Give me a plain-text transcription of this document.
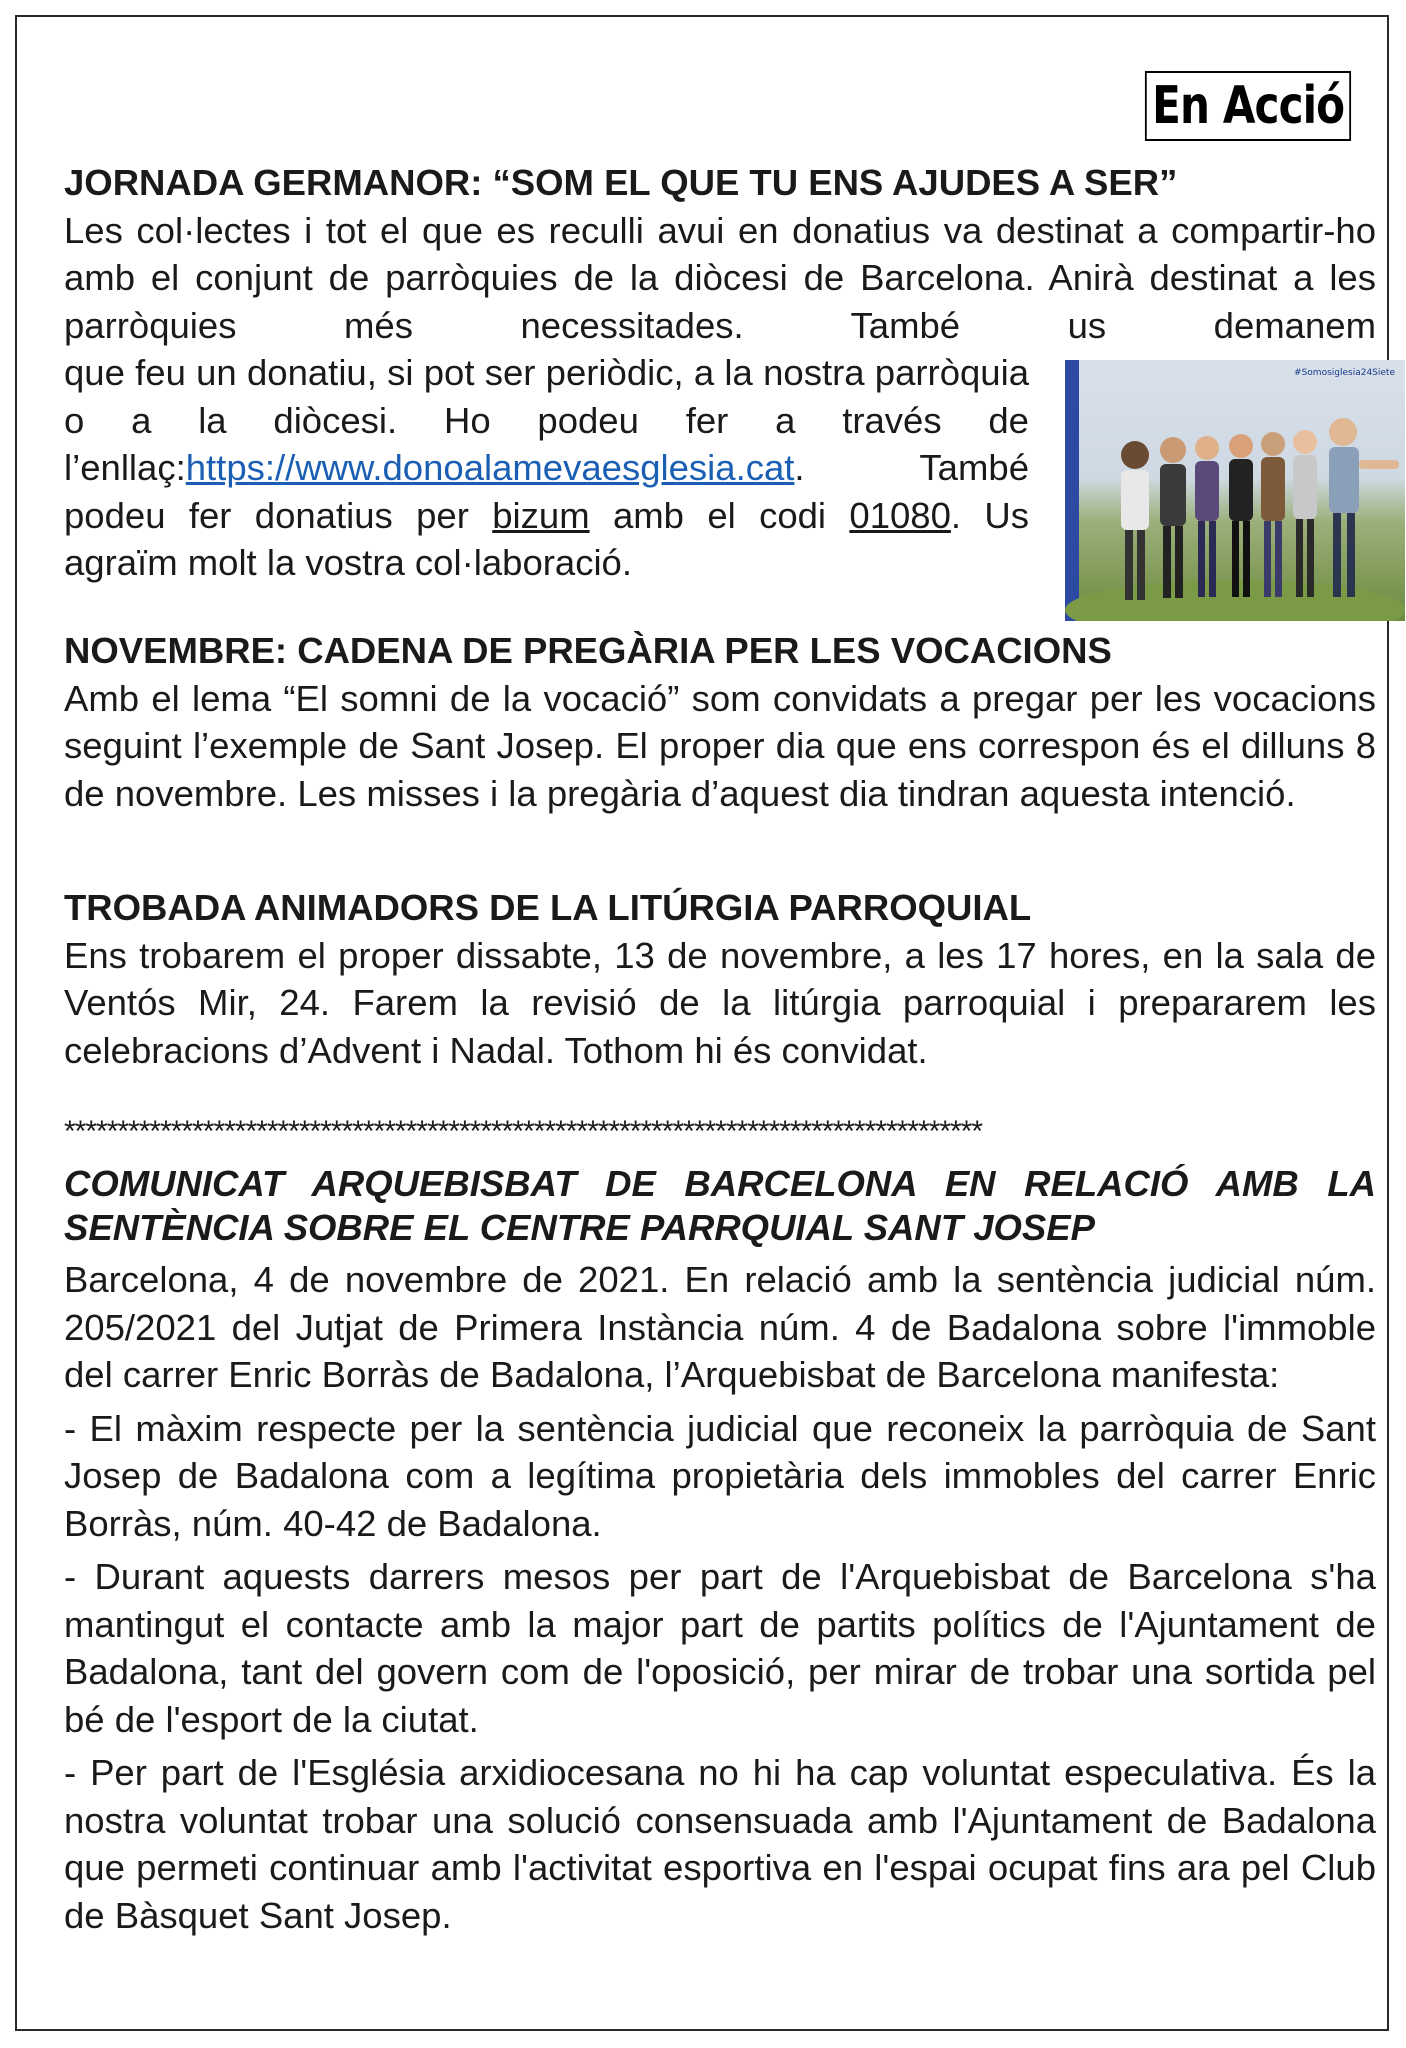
En Acció
JORNADA GERMANOR: “SOM EL QUE TU ENS AJUDES A SER”

Les col·lectes i tot el que es reculli avui en donatius va destinat a compartir-ho amb el conjunt de parròquies de la diòcesi de Barcelona. Anirà destinat a les parròquies més necessitades. També us demanem

que feu un donatiu, si pot ser periòdic, a la nostra parròquia o a la diòcesi. Ho podeu fer a través de l’enllaç:https://www.donoalamevaesglesia.cat. També podeu fer donatius per bizum amb el codi 01080. Us agraïm molt la vostra col·laboració.

NOVEMBRE: CADENA DE PREGÀRIA PER LES VOCACIONS

Amb el lema “El somni de la vocació” som convidats a pregar per les vocacions seguint l’exemple de Sant Josep. El proper dia que ens correspon és el dilluns 8 de novembre. Les misses i la pregària d’aquest dia tindran aquesta intenció.

TROBADA ANIMADORS DE LA LITÚRGIA PARROQUIAL

Ens trobarem el proper dissabte, 13 de novembre, a les 17 hores, en la sala de Ventós Mir, 24. Farem la revisió de la litúrgia parroquial i prepararem les celebracions d’Advent i Nadal. Tothom hi és convidat.

**************************************************************************************
COMUNICAT ARQUEBISBAT DE BARCELONA EN RELACIÓ AMB LA SENTÈNCIA SOBRE EL CENTRE PARRQUIAL SANT JOSEP

Barcelona, 4 de novembre de 2021. En relació amb la sentència judicial núm. 205/2021 del Jutjat de Primera Instància núm. 4 de Badalona sobre l'immoble del carrer Enric Borràs de Badalona, l’Arquebisbat de Barcelona manifesta:

- El màxim respecte per la sentència judicial que reconeix la parròquia de Sant Josep de Badalona com a legítima propietària dels immobles del carrer Enric Borràs, núm. 40-42 de Badalona.

- Durant aquests darrers mesos per part de l'Arquebisbat de Barcelona s'ha mantingut el contacte amb la major part de partits polítics de l'Ajuntament de Badalona, tant del govern com de l'oposició, per mirar de trobar una sortida pel bé de l'esport de la ciutat.

- Per part de l'Església arxidiocesana no hi ha cap voluntat especulativa. És la nostra voluntat trobar una solució consensuada amb l'Ajuntament de Badalona que permeti continuar amb l'activitat esportiva en l'espai ocupat fins ara pel Club de Bàsquet Sant Josep.

#Somosiglesia24Siete
